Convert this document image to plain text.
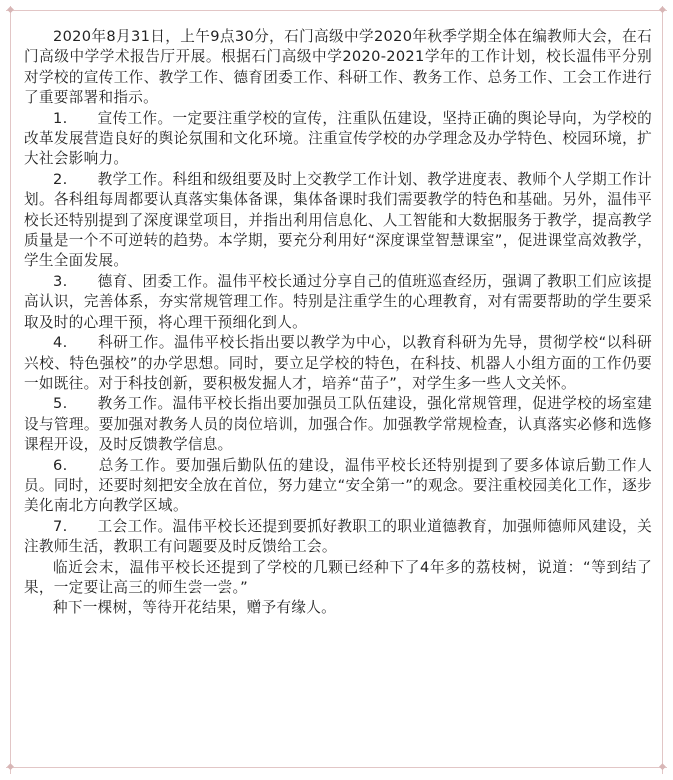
◆	◆
◆	◆

2020年8月31日，上午9点30分，石门高级中学2020年秋季学期全体在编教师大会，在石门高级中学学术报告厅开展。根据石门高级中学2020-2021学年的工作计划，校长温伟平分别对学校的宣传工作、教学工作、德育团委工作、科研工作、教务工作、总务工作、工会工作进行了重要部署和指示。

1.　　宣传工作。一定要注重学校的宣传，注重队伍建设，坚持正确的舆论导向，为学校的改革发展营造良好的舆论氛围和文化环境。注重宣传学校的办学理念及办学特色、校园环境，扩大社会影响力。

2.　　教学工作。科组和级组要及时上交教学工作计划、教学进度表、教师个人学期工作计划。各科组每周都要认真落实集体备课，集体备课时我们需要教学的特色和基础。另外，温伟平校长还特别提到了深度课堂项目，并指出利用信息化、人工智能和大数据服务于教学，提高教学质量是一个不可逆转的趋势。本学期，要充分利用好“深度课堂智慧课室”，促进课堂高效教学，学生全面发展。

3.　　德育、团委工作。温伟平校长通过分享自己的值班巡查经历，强调了教职工们应该提高认识，完善体系，夯实常规管理工作。特别是注重学生的心理教育，对有需要帮助的学生要采取及时的心理干预，将心理干预细化到人。

4.　　科研工作。温伟平校长指出要以教学为中心，以教育科研为先导，贯彻学校“以科研兴校、特色强校”的办学思想。同时，要立足学校的特色，在科技、机器人小组方面的工作仍要一如既往。对于科技创新，要积极发掘人才，培养“苗子”，对学生多一些人文关怀。

5.　　教务工作。温伟平校长指出要加强员工队伍建设，强化常规管理，促进学校的场室建设与管理。要加强对教务人员的岗位培训，加强合作。加强教学常规检查，认真落实必修和选修课程开设，及时反馈教学信息。

6.　　总务工作。要加强后勤队伍的建设，温伟平校长还特别提到了要多体谅后勤工作人员。同时，还要时刻把安全放在首位，努力建立“安全第一”的观念。要注重校园美化工作，逐步美化南北方向教学区域。

7.　　工会工作。温伟平校长还提到要抓好教职工的职业道德教育，加强师德师风建设，关注教师生活，教职工有问题要及时反馈给工会。

临近会末，温伟平校长还提到了学校的几颗已经种下了4年多的荔枝树，说道：“等到结了果，一定要让高三的师生尝一尝。”

种下一棵树，等待开花结果，赠予有缘人。
